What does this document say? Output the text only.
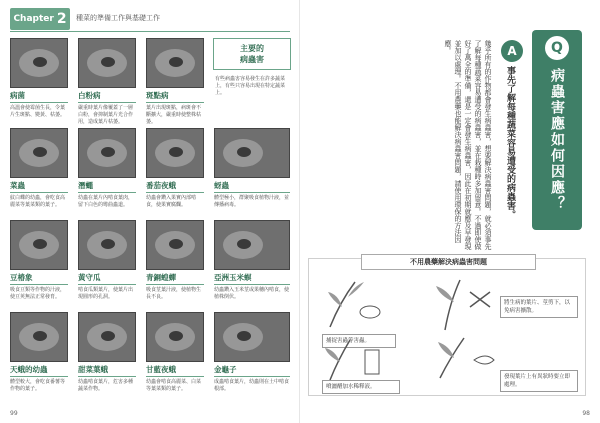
Chapter 2 種菜的準備工作與基礎工作
病菌
高溫會使霉菌生長，令葉片生斑點、變黃、枯萎。
白粉病
嚴重時葉片像覆蓋了一層白粉，會抑制葉片光合作用，造成葉片枯萎。
斑點病
葉片出現斑點，病斑會不斷擴大，嚴重時使整株枯萎。
主要的
病蟲害
有些病蟲害容易發生在許多蔬菜上，有些只容易出現在特定蔬菜上。
菜蟲
紋白蝶的幼蟲，會吃食高麗菜等葉菜類的葉子。
潛蠅
幼蟲在葉片內啃食葉肉，留下白色的彎曲蟲道。
番茄夜蛾
幼蟲會鑽入果實內部啃食，使果實腐爛。
蚜蟲
體型極小，群聚吸食植物汁液，並傳播病毒。
豆椿象
吸食豆類等作物的汁液，使豆莢無法正常發育。
黃守瓜
啃食瓜類葉片，使葉片出現圓形的孔洞。
青銅蝗蟬
吸食莖葉汁液，使植物生長不良。
亞洲玉米螟
幼蟲鑽入玉米莖或果穗內啃食，使植株倒伏。
天蛾的幼蟲
體型較大，會吃食番薯等作物的葉子。
甜菜葉蛾
幼蟲啃食葉片，危害多種蔬菜作物。
甘藍夜蛾
幼蟲會啃食高麗菜、白菜等葉菜類的葉子。
金龜子
成蟲啃食葉片，幼蟲則在土中啃食根部。
99	98
Q
病蟲害應如何因應？
A
事先了解每種蔬菜容易遭受的病蟲害。
幾乎所有的作物都會發生病蟲害，想要解決病蟲害問題，就必須事先了解每種蔬菜容易遭受的病蟲害，並在栽種時多加留意。不過即使做好了萬全的準備，還是一定會發生病蟲害，因此在初期就應及早發現並加以處理。不用農藥也能解決病蟲害問題，請使用環保的方法因應。
不用農藥解決病蟲害問題
捕捉害蟲等害蟲。
將生病的葉片、莖剪下，以免病害擴散。
噴灑醋加水稀釋液。
發現葉片上有異狀時要立即處理。
